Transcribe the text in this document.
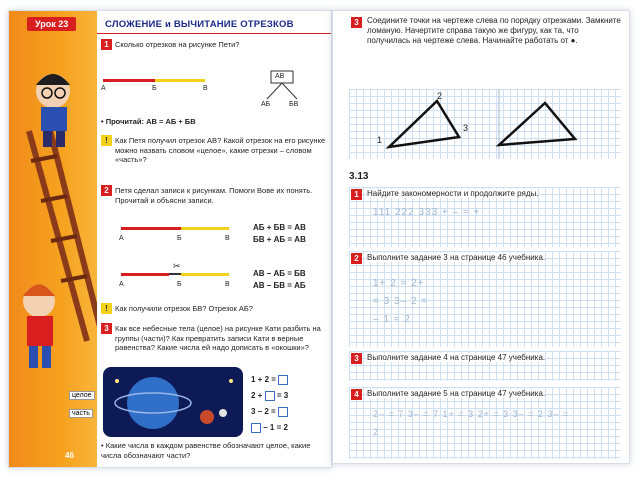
целое
часть
46
Урок 23	СЛОЖЕНИЕ и ВЫЧИТАНИЕ ОТРЕЗКОВ
1 Сколько отрезков на рисунке Пети?
А	Б	В
АВ
АБ	БВ
• Прочитай: АВ = АБ + БВ
! Как Петя получил отрезок АВ? Какой отрезок на его рисунке можно назвать словом «целое», какие отрезки – словом «часть»?
2 Петя сделал записи к рисункам. Помоги Вове их понять. Прочитай и объясни записи.
А	Б	В
АБ + БВ = АВ
БВ + АБ = АВ
✂
А	Б	В
АВ – АБ = БВ
АВ – БВ = АБ
! Как получили отрезок БВ? Отрезок АБ?
3 Как все небесные тела (целое) на рисунке Кати разбить на группы (части)? Как превратить записи Кати в верные равенства? Какие числа ей надо дописать в «окошки»?
1 + 2 =
2 + = 3
3 – 2 =
– 1 = 2
• Какие числа в каждом равенстве обозначают целое, какие числа обозначают части?
3	Соедините точки на чертеже слева по порядку отрезками. Замкните ломаную. Начертите справа такую же фигуру, как та, что получилась на чертеже слева. Начинайте работать от ●.
1
2
3
3.13
1	Найдите закономерности и продолжите ряды.
111 222 333 + – = +
2	Выполните задание 3 на странице 46 учебника.
1+ 2 = 2+ = 3 3– 2 = – 1 = 2
3	Выполните задание 4 на странице 47 учебника.
4	Выполните задание 5 на странице 47 учебника.
2– = 7 3– = 7 1+ = 3 2+ = 3 3– = 2 3– = 2
